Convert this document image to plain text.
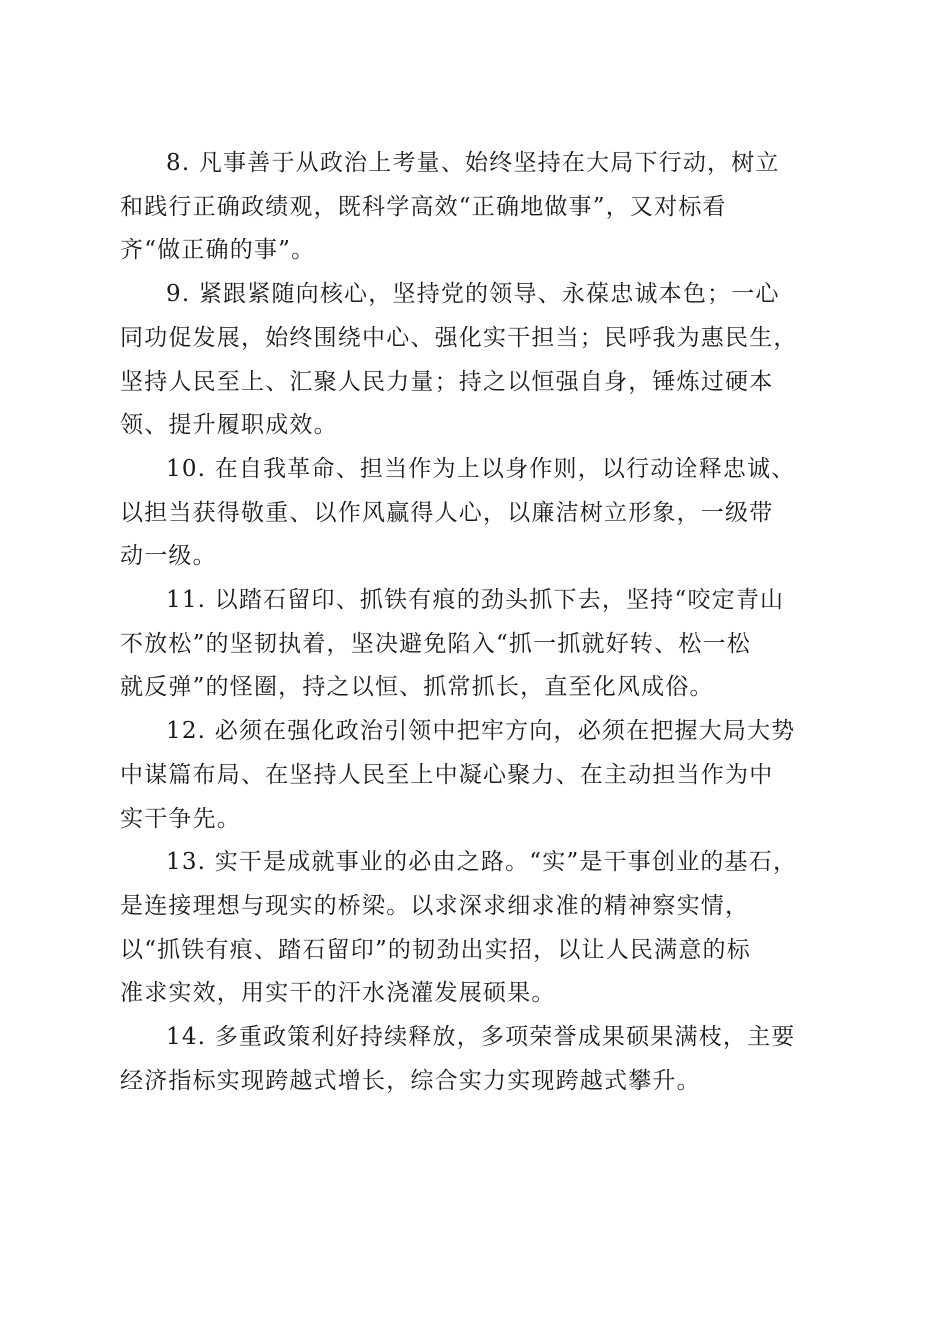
8. 凡事善于从政治上考量、始终坚持在大局下行动，树立
和践行正确政绩观，既科学高效“正确地做事”，又对标看
齐“做正确的事”。

9. 紧跟紧随向核心，坚持党的领导、永葆忠诚本色；一心
同功促发展，始终围绕中心、强化实干担当；民呼我为惠民生，
坚持人民至上、汇聚人民力量；持之以恒强自身，锤炼过硬本
领、提升履职成效。

10. 在自我革命、担当作为上以身作则，以行动诠释忠诚、
以担当获得敬重、以作风赢得人心，以廉洁树立形象，一级带
动一级。

11. 以踏石留印、抓铁有痕的劲头抓下去，坚持“咬定青山
不放松”的坚韧执着，坚决避免陷入“抓一抓就好转、松一松
就反弹”的怪圈，持之以恒、抓常抓长，直至化风成俗。

12. 必须在强化政治引领中把牢方向，必须在把握大局大势
中谋篇布局、在坚持人民至上中凝心聚力、在主动担当作为中
实干争先。

13. 实干是成就事业的必由之路。“实”是干事创业的基石，
是连接理想与现实的桥梁。以求深求细求准的精神察实情，
以“抓铁有痕、踏石留印”的韧劲出实招，以让人民满意的标
准求实效，用实干的汗水浇灌发展硕果。

14. 多重政策利好持续释放，多项荣誉成果硕果满枝，主要
经济指标实现跨越式增长，综合实力实现跨越式攀升。
